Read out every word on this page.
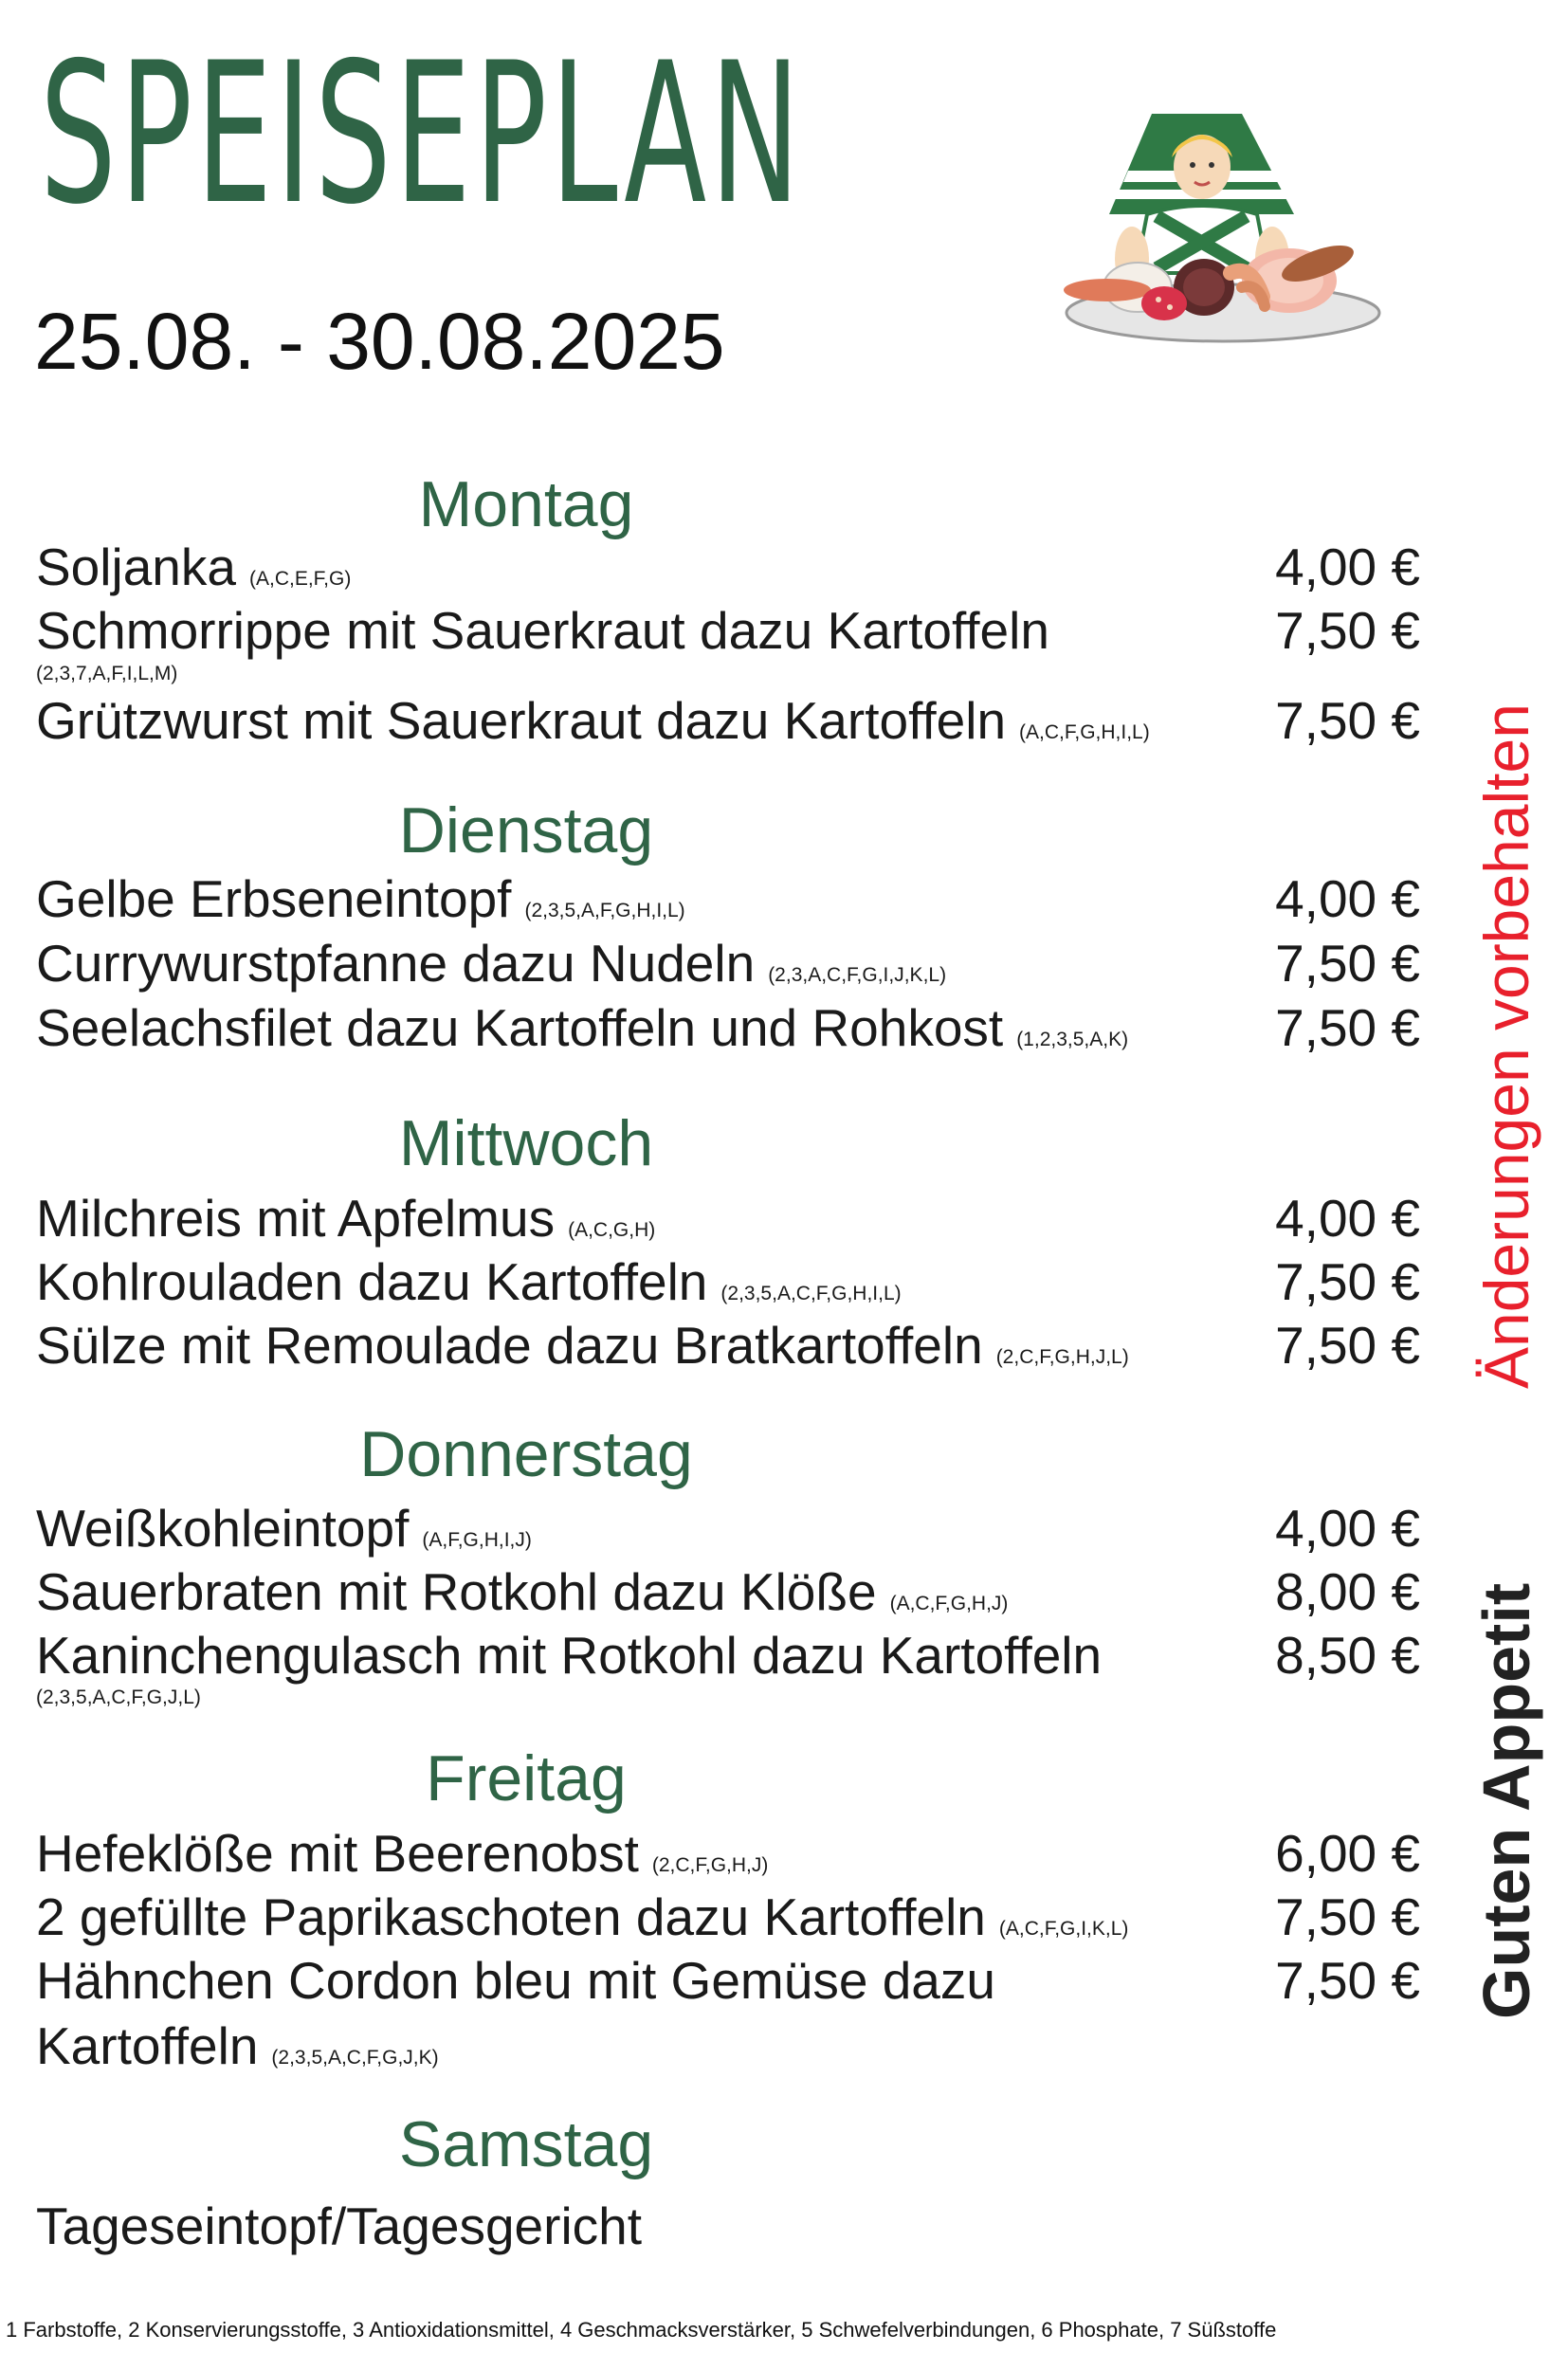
SPEISEPLAN
25.08. - 30.08.2025
Montag
Soljanka (A,C,E,F,G)	4,00 €
Schmorrippe mit Sauerkraut dazu Kartoffeln	7,50 €
(2,3,7,A,F,I,L,M)
Grützwurst mit Sauerkraut dazu Kartoffeln (A,C,F,G,H,I,L) 7,50 €
Dienstag
Gelbe Erbseneintopf (2,3,5,A,F,G,H,I,L)	4,00 €
Currywurstpfanne dazu Nudeln (2,3,A,C,F,G,I,J,K,L)	7,50 €
Seelachsfilet dazu Kartoffeln und Rohkost (1,2,3,5,A,K)	7,50 €
Mittwoch
Milchreis mit Apfelmus (A,C,G,H)	4,00 €
Kohlrouladen dazu Kartoffeln (2,3,5,A,C,F,G,H,I,L)	7,50 €
Sülze mit Remoulade dazu Bratkartoffeln (2,C,F,G,H,J,L)	7,50 €
Donnerstag
Weißkohleintopf (A,F,G,H,I,J)	4,00 €
Sauerbraten mit Rotkohl dazu Klöße (A,C,F,G,H,J)	8,00 €
Kaninchengulasch mit Rotkohl dazu Kartoffeln	8,50 €
(2,3,5,A,C,F,G,J,L)
Freitag
Hefeklöße mit Beerenobst (2,C,F,G,H,J)	6,00 €
2 gefüllte Paprikaschoten dazu Kartoffeln (A,C,F,G,I,K,L)	7,50 €
Hähnchen Cordon bleu mit Gemüse dazu	7,50 €
Kartoffeln (2,3,5,A,C,F,G,J,K)
Samstag
Tageseintopf/Tagesgericht
Änderungen vorbehalten
Guten Appetit
1 Farbstoffe, 2 Konservierungsstoffe, 3 Antioxidationsmittel, 4 Geschmacksverstärker, 5 Schwefelverbindungen, 6 Phosphate, 7 Süßstoffe
